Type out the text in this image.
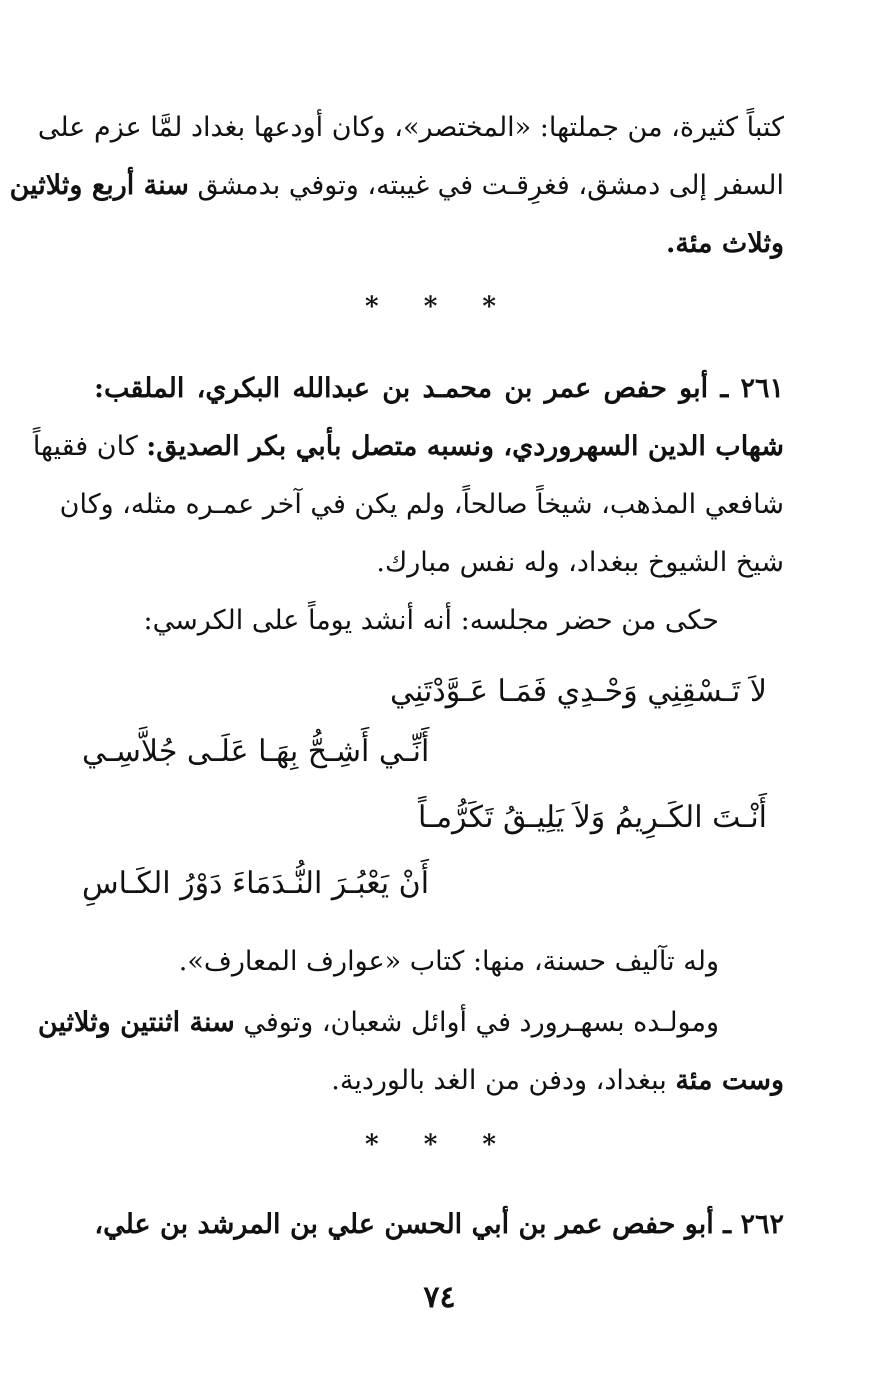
كتباً كثيرة، من جملتها: «المختصر»، وكان أودعها بغداد لمَّا عزم على
السفر إلى دمشق، فغرِقـت في غيبته، وتوفي بدمشق سنة أربع وثلاثين
وثلاث مئة.
* * *
٢٦١ ـ أبو حفص عمر بن محمـد بن عبدالله البكري، الملقب:
شهاب الدين السهروردي، ونسبه متصل بأبي بكر الصديق: كان فقيهاً
شافعي المذهب، شيخاً صالحاً، ولم يكن في آخر عمـره مثله، وكان
شيخ الشيوخ ببغداد، وله نفس مبارك.
حكى من حضر مجلسه: أنه أنشد يوماً على الكرسي:
لاَ تَـسْقِنِي وَحْـدِي فَمَـا عَـوَّدْتَنِي
أَنِّـي أَشِـحُّ بِهَـا عَلَـى جُلاَّسِـي
أَنْـتَ الكَـرِيمُ وَلاَ يَلِيـقُ تَكَرُّمـاً
أَنْ يَعْبُـرَ النُّـدَمَاءَ دَوْرُ الكَـاسِ
وله تآليف حسنة، منها: كتاب «عوارف المعارف».
ومولـده بسهـرورد في أوائل شعبان، وتوفي سنة اثنتين وثلاثين
وست مئة ببغداد، ودفن من الغد بالوردية.
* * *
٢٦٢ ـ أبو حفص عمر بن أبي الحسن علي بن المرشد بن علي،
٧٤
